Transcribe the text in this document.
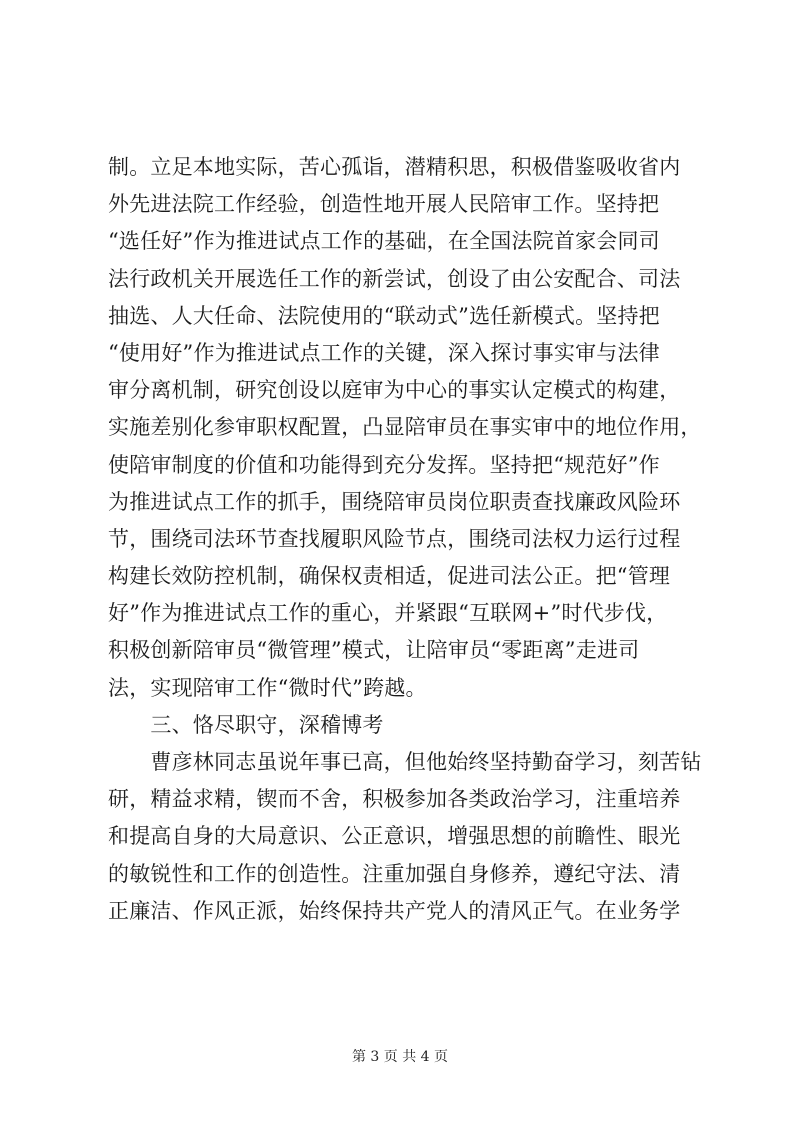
制。立足本地实际，苦心孤诣，潜精积思，积极借鉴吸收省内
外先进法院工作经验，创造性地开展人民陪审工作。坚持把
“选任好”作为推进试点工作的基础，在全国法院首家会同司
法行政机关开展选任工作的新尝试，创设了由公安配合、司法
抽选、人大任命、法院使用的“联动式”选任新模式。坚持把
“使用好”作为推进试点工作的关键，深入探讨事实审与法律
审分离机制，研究创设以庭审为中心的事实认定模式的构建，
实施差别化参审职权配置，凸显陪审员在事实审中的地位作用，
使陪审制度的价值和功能得到充分发挥。坚持把“规范好”作
为推进试点工作的抓手，围绕陪审员岗位职责查找廉政风险环
节，围绕司法环节查找履职风险节点，围绕司法权力运行过程
构建长效防控机制，确保权责相适，促进司法公正。把“管理
好”作为推进试点工作的重心，并紧跟“互联网+”时代步伐，
积极创新陪审员“微管理”模式，让陪审员“零距离”走进司
法，实现陪审工作“微时代”跨越。
　　三、恪尽职守，深稽博考
　　曹彦林同志虽说年事已高，但他始终坚持勤奋学习，刻苦钻
研，精益求精，锲而不舍，积极参加各类政治学习，注重培养
和提高自身的大局意识、公正意识，增强思想的前瞻性、眼光
的敏锐性和工作的创造性。注重加强自身修养，遵纪守法、清
正廉洁、作风正派，始终保持共产党人的清风正气。在业务学
第 3 页 共 4 页
